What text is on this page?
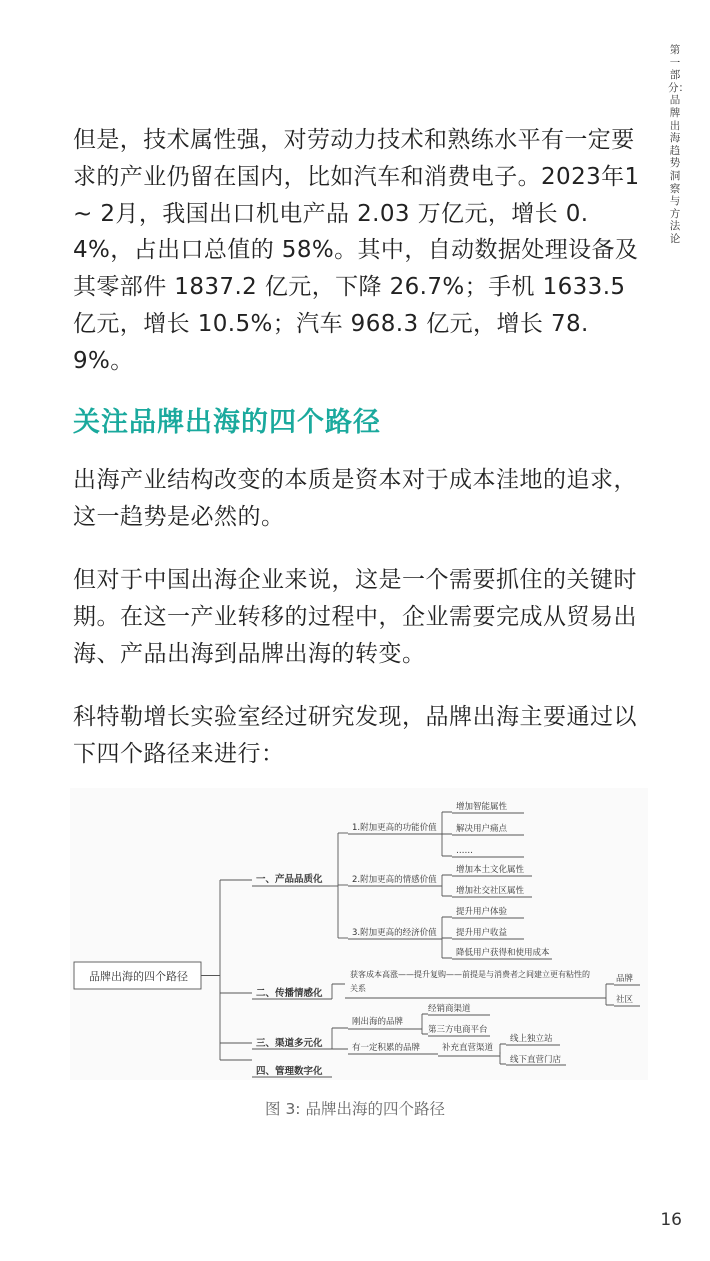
第一部分：品牌出海趋势洞察与方法论

但是，技术属性强，对劳动力技术和熟练水平有一定要求的产业仍留在国内，比如汽车和消费电子。2023年1 ~ 2月，我国出口机电产品 2.03 万亿元，增长 0.4%，占出口总值的 58%。其中，自动数据处理设备及其零部件 1837.2 亿元，下降 26.7%；手机 1633.5 亿元，增长 10.5%；汽车 968.3 亿元，增长 78.9%。

关注品牌出海的四个路径

出海产业结构改变的本质是资本对于成本洼地的追求，这一趋势是必然的。

但对于中国出海企业来说，这是一个需要抓住的关键时期。在这一产业转移的过程中，企业需要完成从贸易出海、产品出海到品牌出海的转变。

科特勒增长实验室经过研究发现，品牌出海主要通过以下四个路径来进行：

品牌出海的四个路径
一、产品品质化
1.附加更高的功能价值
增加智能属性
解决用户痛点
……
2.附加更高的情感价值
增加本土文化属性
增加社交社区属性
3.附加更高的经济价值
提升用户体验
提升用户收益
降低用户获得和使用成本
二、传播情感化
获客成本高涨——提升复购——前提是与消费者之间建立更有粘性的
关系
品牌
社区
三、渠道多元化
刚出海的品牌
经销商渠道
第三方电商平台
有一定积累的品牌	补充直营渠道
线上独立站
线下直营门店
四、管理数字化
图 3: 品牌出海的四个路径
16
